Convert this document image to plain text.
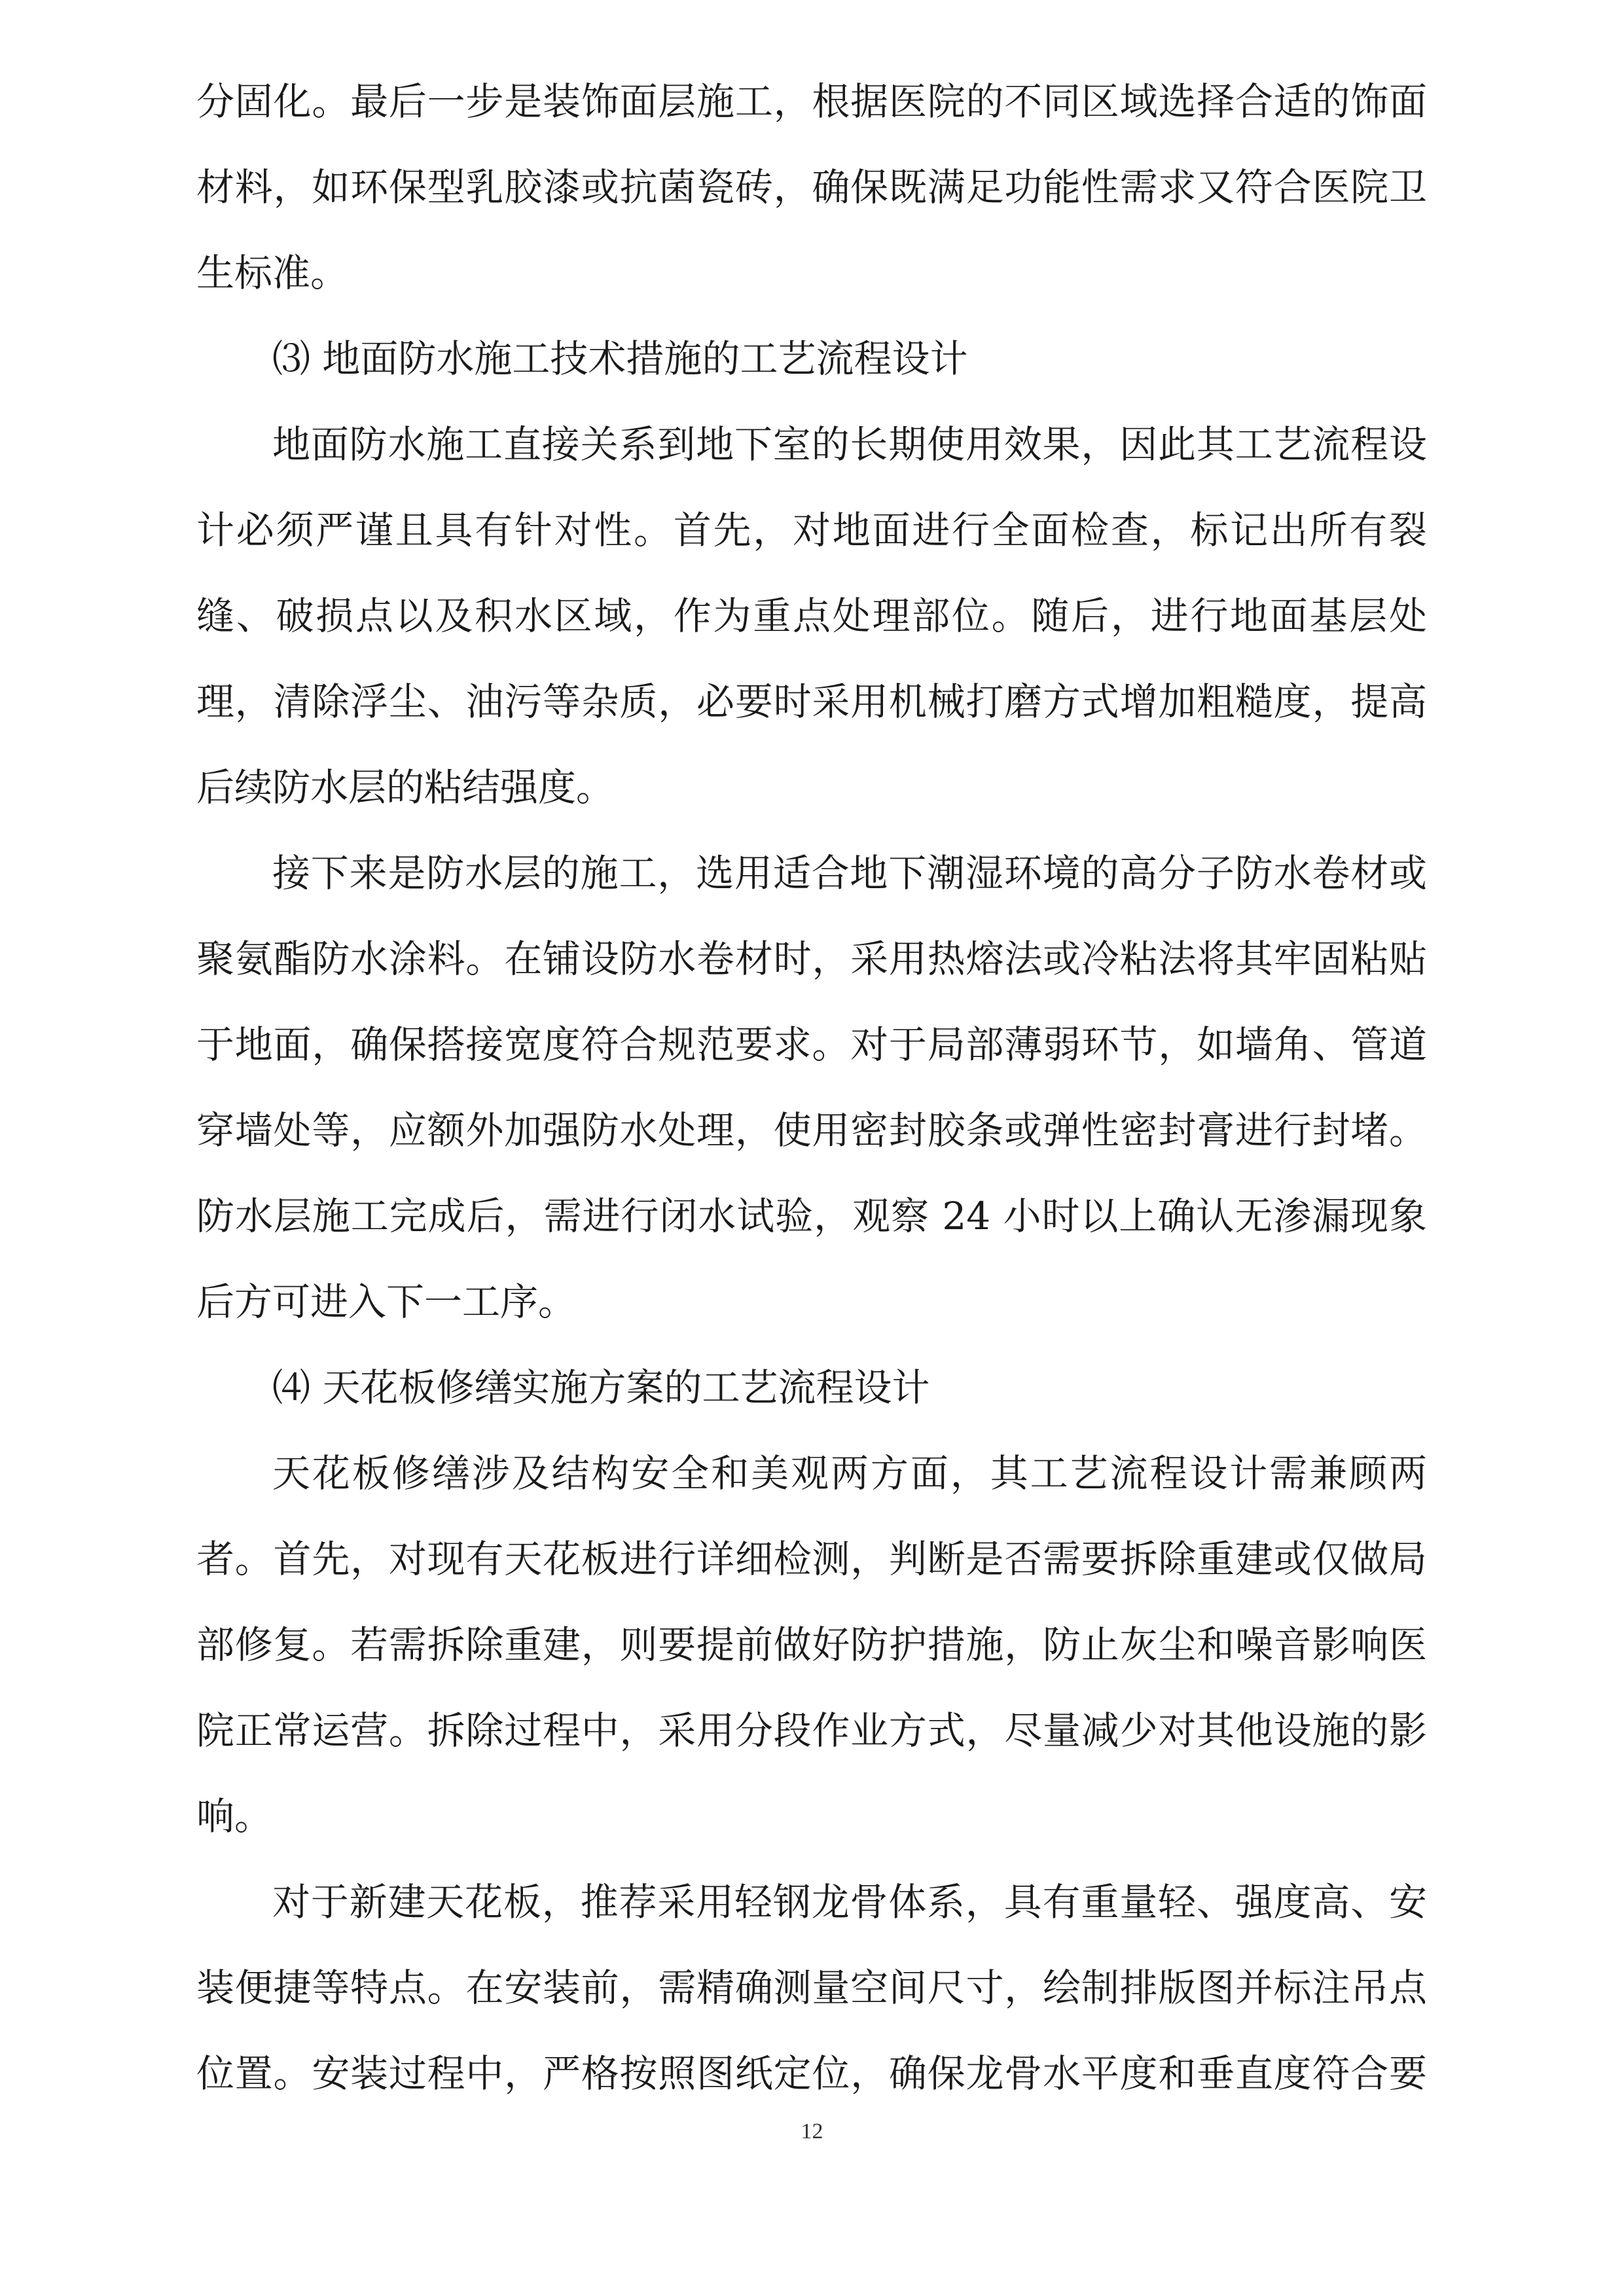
分固化。最后一步是装饰面层施工，根据医院的不同区域选择合适的饰面
材料，如环保型乳胶漆或抗菌瓷砖，确保既满足功能性需求又符合医院卫
生标准。
⑶ 地面防水施工技术措施的工艺流程设计
地面防水施工直接关系到地下室的长期使用效果，因此其工艺流程设
计必须严谨且具有针对性。首先，对地面进行全面检查，标记出所有裂
缝、破损点以及积水区域，作为重点处理部位。随后，进行地面基层处
理，清除浮尘、油污等杂质，必要时采用机械打磨方式增加粗糙度，提高
后续防水层的粘结强度。
接下来是防水层的施工，选用适合地下潮湿环境的高分子防水卷材或
聚氨酯防水涂料。在铺设防水卷材时，采用热熔法或冷粘法将其牢固粘贴
于地面，确保搭接宽度符合规范要求。对于局部薄弱环节，如墙角、管道
穿墙处等，应额外加强防水处理，使用密封胶条或弹性密封膏进行封堵。
防水层施工完成后，需进行闭水试验，观察 24 小时以上确认无渗漏现象
后方可进入下一工序。
⑷ 天花板修缮实施方案的工艺流程设计
天花板修缮涉及结构安全和美观两方面，其工艺流程设计需兼顾两
者。首先，对现有天花板进行详细检测，判断是否需要拆除重建或仅做局
部修复。若需拆除重建，则要提前做好防护措施，防止灰尘和噪音影响医
院正常运营。拆除过程中，采用分段作业方式，尽量减少对其他设施的影
响。
对于新建天花板，推荐采用轻钢龙骨体系，具有重量轻、强度高、安
装便捷等特点。在安装前，需精确测量空间尺寸，绘制排版图并标注吊点
位置。安装过程中，严格按照图纸定位，确保龙骨水平度和垂直度符合要
12
